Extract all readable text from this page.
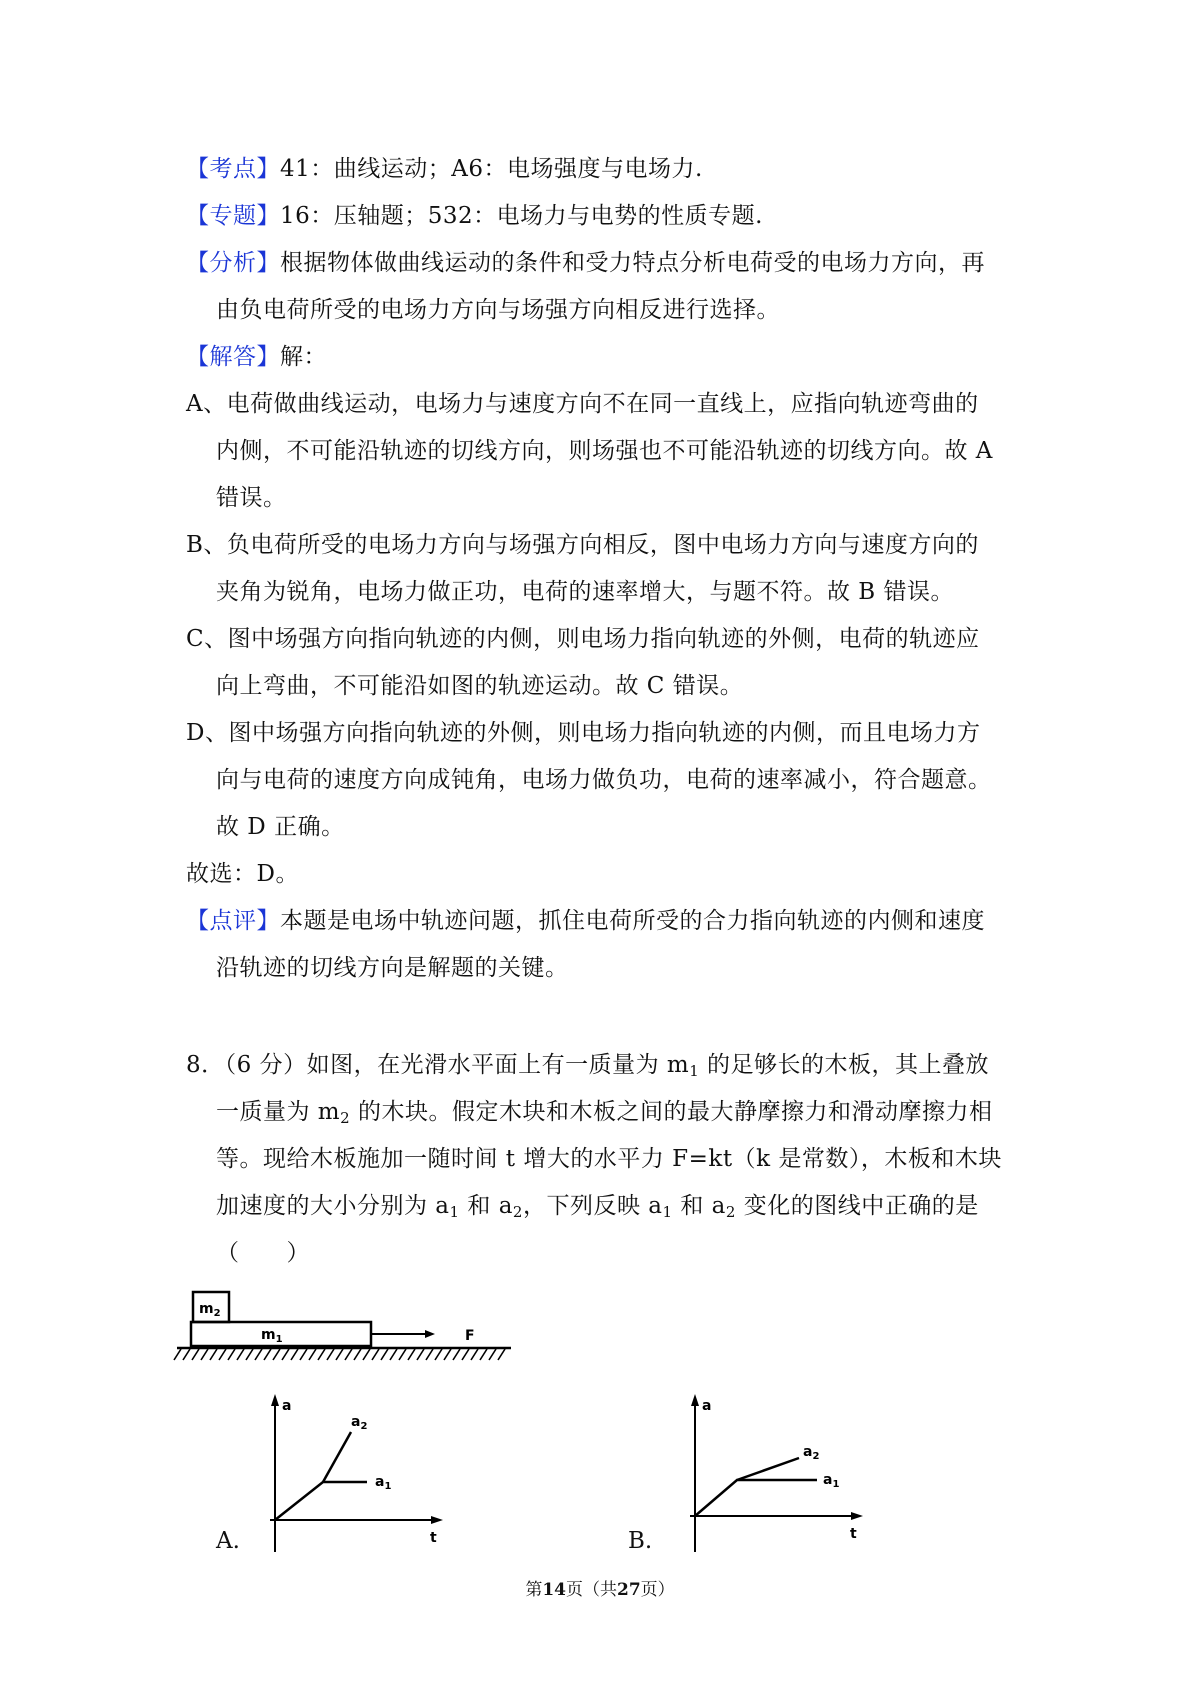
【考点】41：曲线运动；A6：电场强度与电场力.
【专题】16：压轴题；532：电场力与电势的性质专题.
【分析】根据物体做曲线运动的条件和受力特点分析电荷受的电场力方向，再
由负电荷所受的电场力方向与场强方向相反进行选择。
【解答】解：
A、电荷做曲线运动，电场力与速度方向不在同一直线上，应指向轨迹弯曲的
内侧，不可能沿轨迹的切线方向，则场强也不可能沿轨迹的切线方向。故 A
错误。
B、负电荷所受的电场力方向与场强方向相反，图中电场力方向与速度方向的
夹角为锐角，电场力做正功，电荷的速率增大，与题不符。故 B 错误。
C、图中场强方向指向轨迹的内侧，则电场力指向轨迹的外侧，电荷的轨迹应
向上弯曲，不可能沿如图的轨迹运动。故 C 错误。
D、图中场强方向指向轨迹的外侧，则电场力指向轨迹的内侧，而且电场力方
向与电荷的速度方向成钝角，电场力做负功，电荷的速率减小，符合题意。
故 D 正确。
故选：D。
【点评】本题是电场中轨迹问题，抓住电荷所受的合力指向轨迹的内侧和速度
沿轨迹的切线方向是解题的关键。
8．（6 分）如图，在光滑水平面上有一质量为 $m_1$ 的足够长的木板，其上叠放
一质量为 $m_2$ 的木块。假定木块和木板之间的最大静摩擦力和滑动摩擦力相
等。现给木板施加一随时间 t 增大的水平力 F=kt（k 是常数），木板和木块
加速度的大小分别为 $a_1$ 和 $a_2$，下列反映 $a_1$ 和 $a_2$ 变化的图线中正确的是
（　　）
$m_2$
$m_1$	F
a
t
$a_2$
$a_1$
A.
a
t
$a_2$
$a_1$
B.
第14页（共27页）
